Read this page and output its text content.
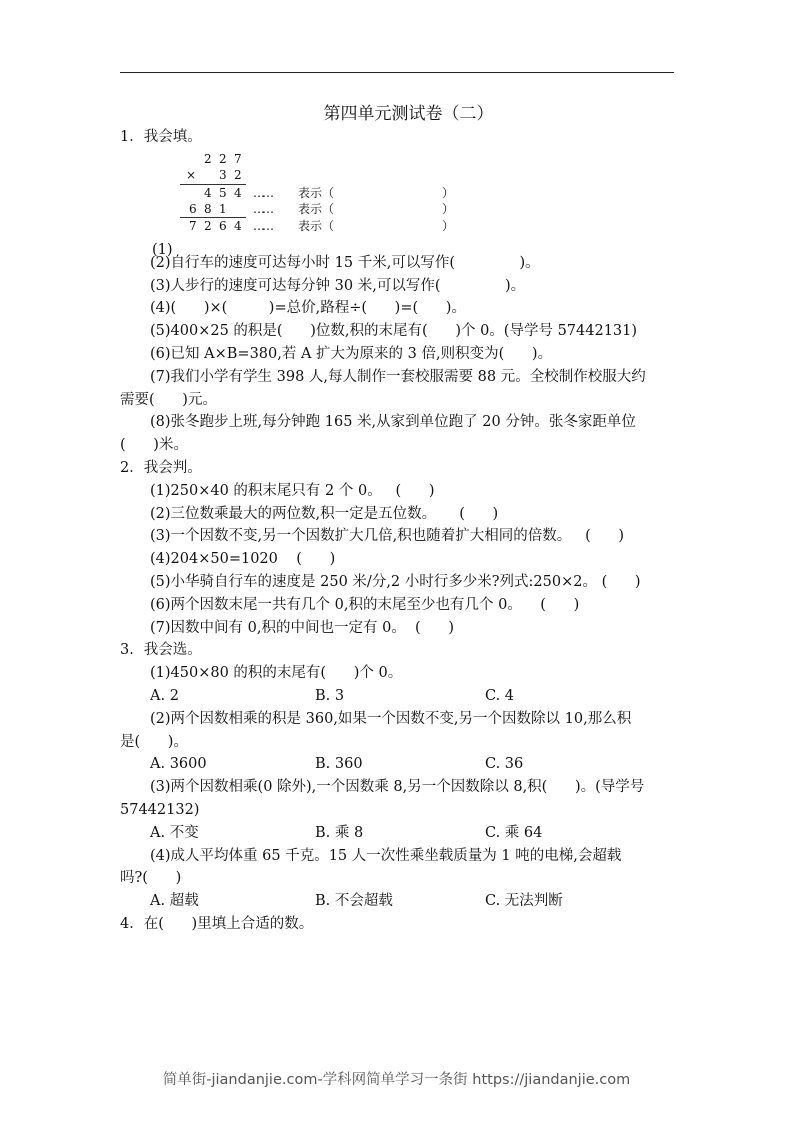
第四单元测试卷（二）
1．我会填。
2 2 7
× 3 2
4 5 4 …… 表示（	）
6 8 1 …… 表示（	）
7 2 6 4 …… 表示（	）
(1)
(2)自行车的速度可达每小时 15 千米,可以写作(              )。
(3)人步行的速度可达每分钟 30 米,可以写作(              )。
(4)(      )×(         )=总价,路程÷(      )=(      )。
(5)400×25 的积是(      )位数,积的末尾有(      )个 0。(导学号 57442131)
(6)已知 A×B=380,若 A 扩大为原来的 3 倍,则积变为(      )。
(7)我们小学有学生 398 人,每人制作一套校服需要 88 元。全校制作校服大约
需要(      )元。
(8)张冬跑步上班,每分钟跑 165 米,从家到单位跑了 20 分钟。张冬家距单位
(      )米。
2．我会判。
(1)250×40 的积末尾只有 2 个 0。   (      )
(2)三位数乘最大的两位数,积一定是五位数。     (      )
(3)一个因数不变,另一个因数扩大几倍,积也随着扩大相同的倍数。   (      )
(4)204×50=1020    (      )
(5)小华骑自行车的速度是 250 米/分,2 小时行多少米?列式:250×2。 (      )
(6)两个因数末尾一共有几个 0,积的末尾至少也有几个 0。    (      )
(7)因数中间有 0,积的中间也一定有 0。  (      )
3．我会选。
(1)450×80 的积的末尾有(      )个 0。
A. 2	B. 3	C. 4
(2)两个因数相乘的积是 360,如果一个因数不变,另一个因数除以 10,那么积
是(      )。
A. 3600	B. 360	C. 36
(3)两个因数相乘(0 除外),一个因数乘 8,另一个因数除以 8,积(      )。(导学号
57442132)
A. 不变	B. 乘 8	C. 乘 64
(4)成人平均体重 65 千克。15 人一次性乘坐载质量为 1 吨的电梯,会超载
吗?(      )
A. 超载	B. 不会超载	C. 无法判断
4．在(      )里填上合适的数。
简单街-jiandanjie.com-学科网简单学习一条街 https://jiandanjie.com
